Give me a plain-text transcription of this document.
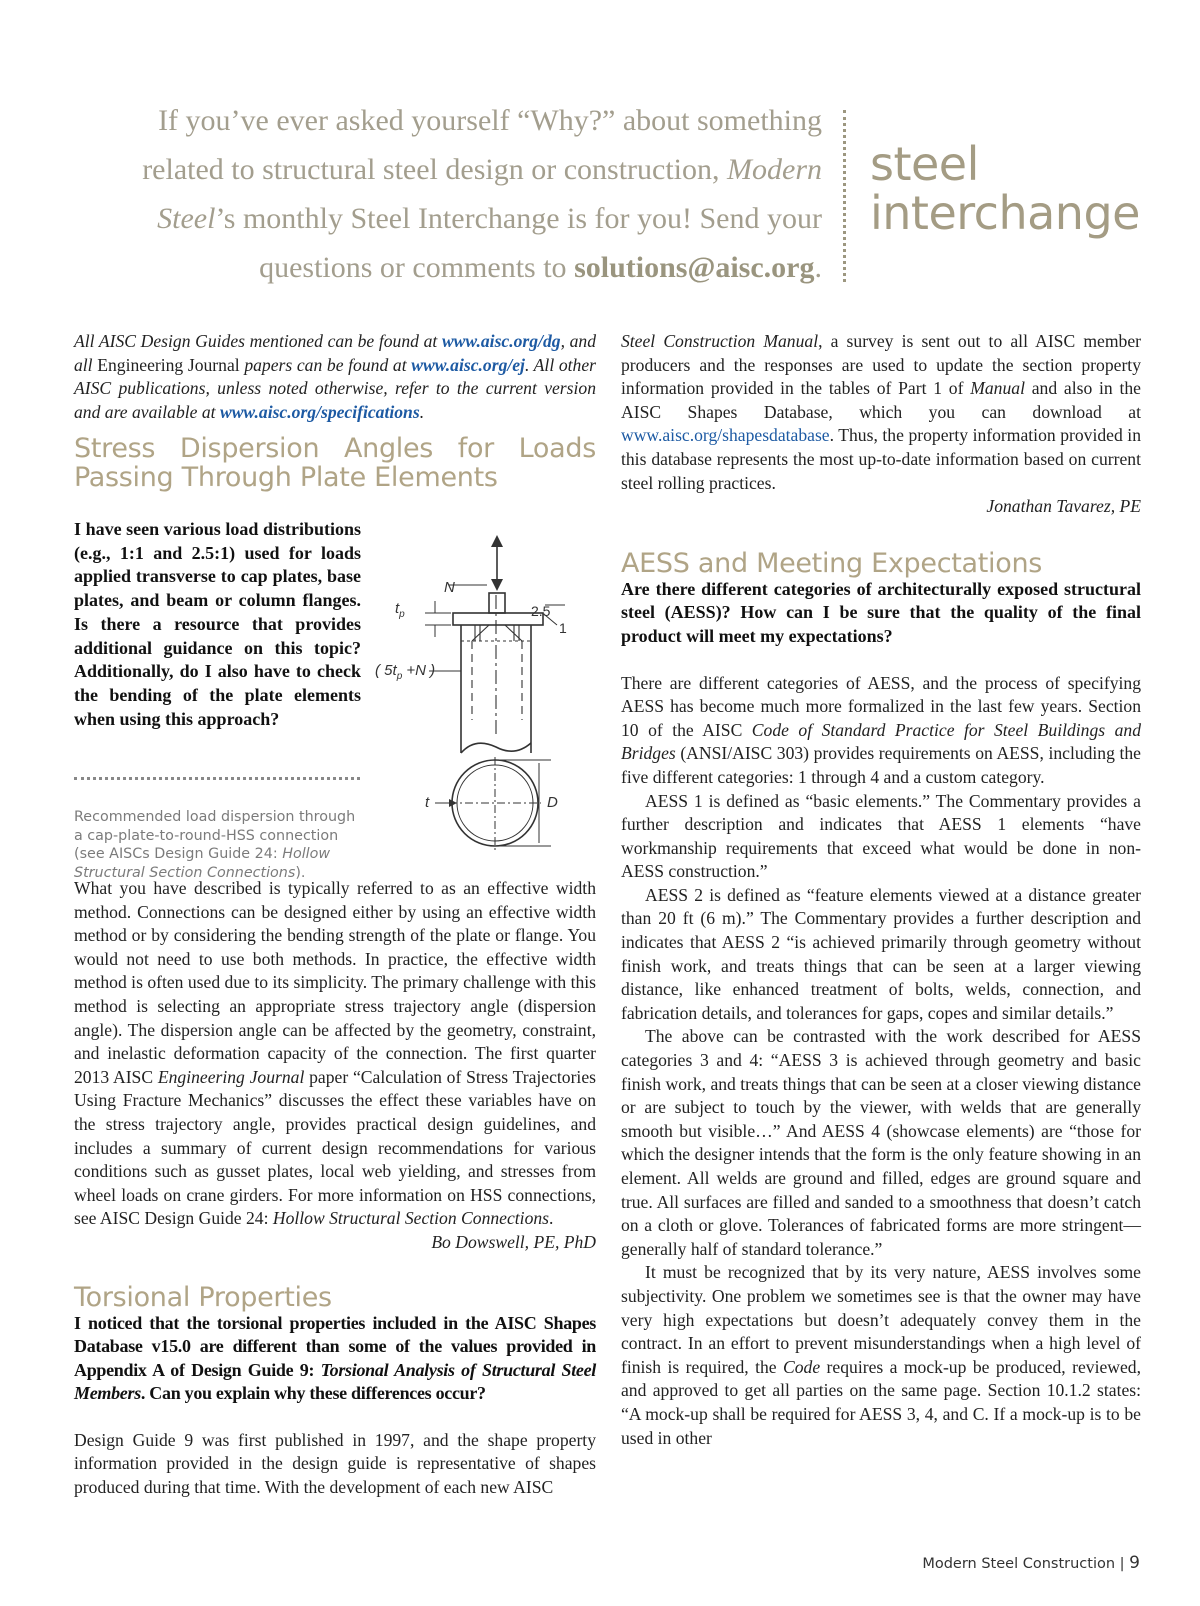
If you’ve ever asked yourself “Why?” about something related to structural steel design or construction, Modern Steel’s monthly Steel Interchange is for you! Send your questions or comments to solutions@aisc.org.
steel
interchange

All AISC Design Guides mentioned can be found at www.aisc.org/dg, and all Engineering Journal papers can be found at www.aisc.org/ej. All other AISC publications, unless noted otherwise, refer to the current version and are available at www.aisc.org/specifications.

Stress Dispersion Angles for Loads Passing Through Plate Elements
I have seen various load distributions (e.g., 1:1 and 2.5:1) used for loads applied transverse to cap plates, base plates, and beam or column flanges. Is there a resource that provides additional guidance on this topic? Additionally, do I also have to check the bending of the plate elements when using this approach?
Recommended load dispersion through a cap-plate-to-round-HSS connection (see AISCs Design Guide 24: Hollow Structural Section Connections).
N
$t_p$
( $5t_p +N$ )
t	D
2.5
1

What you have described is typically referred to as an effective width method. Connections can be designed either by using an effective width method or by considering the bending strength of the plate or flange. You would not need to use both methods. In practice, the effective width method is often used due to its simplicity. The primary challenge with this method is selecting an appropriate stress trajectory angle (dispersion angle). The dispersion angle can be affected by the geometry, constraint, and inelastic deformation capacity of the connection. The first quarter 2013 AISC Engineering Journal paper “Calculation of Stress Trajectories Using Fracture Mechanics” discusses the effect these variables have on the stress trajectory angle, provides practical design guidelines, and includes a summary of current design recommendations for various conditions such as gusset plates, local web yielding, and stresses from wheel loads on crane girders. For more information on HSS connections, see AISC Design Guide 24: Hollow Structural Section Connections.

Bo Dowswell, PE, PhD

Torsional Properties

I noticed that the torsional properties included in the AISC Shapes Database v15.0 are different than some of the values provided in Appendix A of Design Guide 9: Torsional Analysis of Structural Steel Members. Can you explain why these differences occur?

Design Guide 9 was first published in 1997, and the shape property information provided in the design guide is representative of shapes produced during that time. With the development of each new AISC

Steel Construction Manual, a survey is sent out to all AISC member producers and the responses are used to update the section property information provided in the tables of Part 1 of Manual and also in the AISC Shapes Database, which you can download at www.aisc.org/shapesdatabase. Thus, the property information provided in this database represents the most up-to-date information based on current steel rolling practices.

Jonathan Tavarez, PE

AESS and Meeting Expectations

Are there different categories of architecturally exposed structural steel (AESS)? How can I be sure that the quality of the final product will meet my expectations?

There are different categories of AESS, and the process of specifying AESS has become much more formalized in the last few years. Section 10 of the AISC Code of Standard Practice for Steel Buildings and Bridges (ANSI/AISC 303) provides requirements on AESS, including the five different categories: 1 through 4 and a custom category.

AESS 1 is defined as “basic elements.” The Commentary provides a further description and indicates that AESS 1 elements “have workmanship requirements that exceed what would be done in non-AESS construction.”

AESS 2 is defined as “feature elements viewed at a distance greater than 20 ft (6 m).” The Commentary provides a further description and indicates that AESS 2 “is achieved primarily through geometry without finish work, and treats things that can be seen at a larger viewing distance, like enhanced treatment of bolts, welds, connection, and fabrication details, and tolerances for gaps, copes and similar details.”

The above can be contrasted with the work described for AESS categories 3 and 4: “AESS 3 is achieved through geometry and basic finish work, and treats things that can be seen at a closer viewing distance or are subject to touch by the viewer, with welds that are generally smooth but visible…” And AESS 4 (showcase elements) are “those for which the designer intends that the form is the only feature showing in an element. All welds are ground and filled, edges are ground square and true. All surfaces are filled and sanded to a smoothness that doesn’t catch on a cloth or glove. Tolerances of fabricated forms are more stringent—generally half of standard tolerance.”

It must be recognized that by its very nature, AESS involves some subjectivity. One problem we sometimes see is that the owner may have very high expectations but doesn’t adequately convey them in the contract. In an effort to prevent misunderstandings when a high level of finish is required, the Code requires a mock-up be produced, reviewed, and approved to get all parties on the same page. Section 10.1.2 states: “A mock-up shall be required for AESS 3, 4, and C. If a mock-up is to be used in other

Modern Steel Construction | 9
